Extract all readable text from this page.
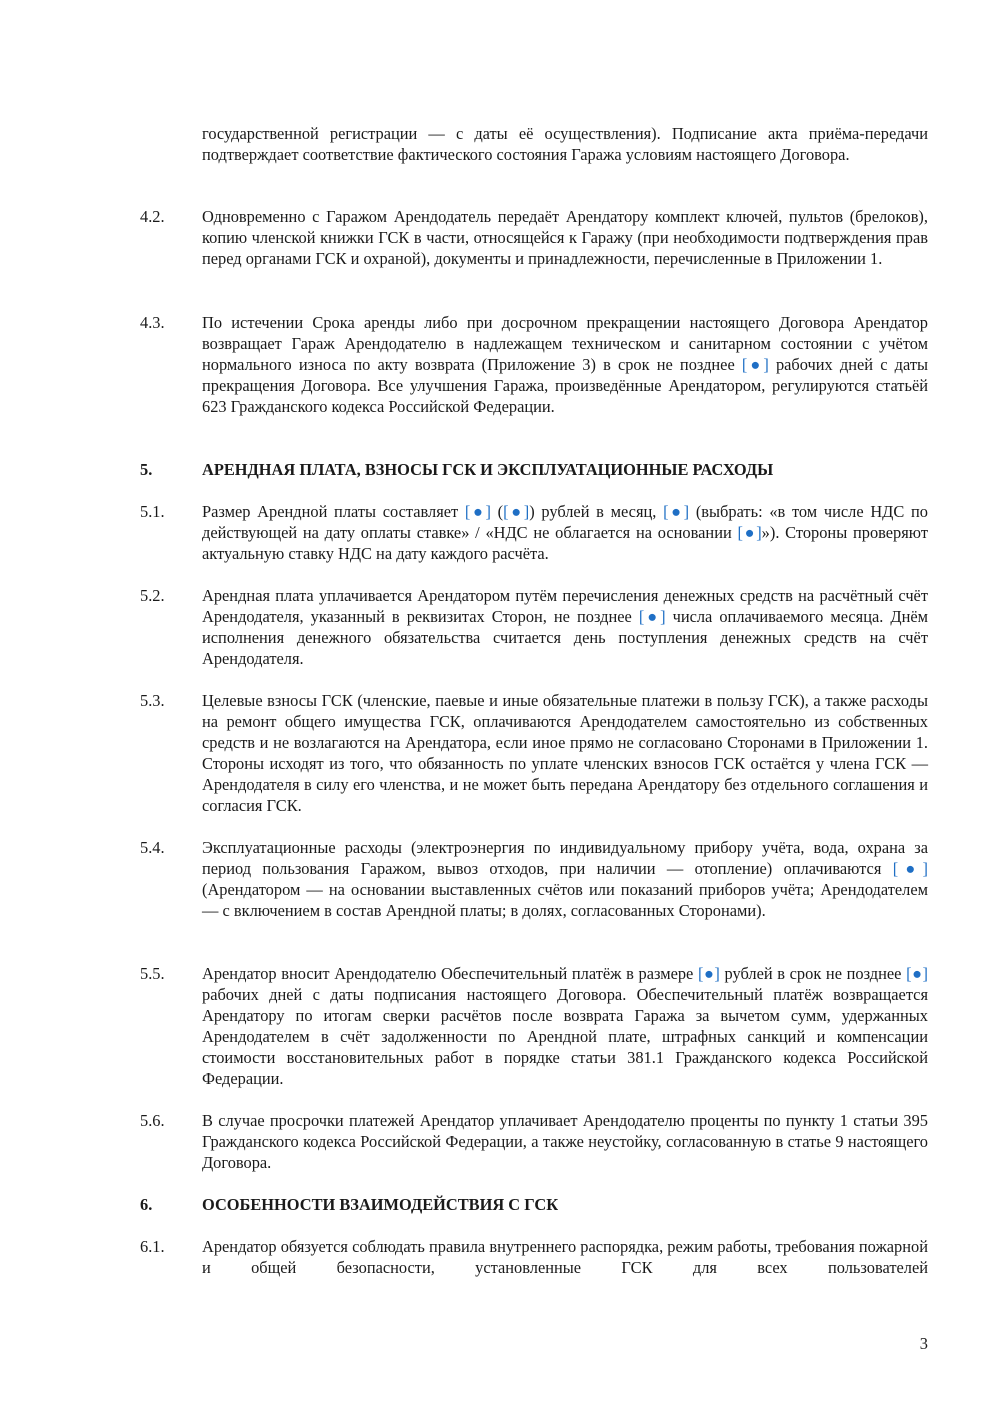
государственной регистрации — с даты её осуществления). Подписание акта приёма-передачи подтверждает соответствие фактического состояния Гаража условиям настоящего Договора.
4.2.	Одновременно с Гаражом Арендодатель передаёт Арендатору комплект ключей, пультов (брелоков), копию членской книжки ГСК в части, относящейся к Гаражу (при необходимости подтверждения прав перед органами ГСК и охраной), документы и принадлежности, перечисленные в Приложении 1.
4.3.	По истечении Срока аренды либо при досрочном прекращении настоящего Договора Арендатор возвращает Гараж Арендодателю в надлежащем техническом и санитарном состоянии с учётом нормального износа по акту возврата (Приложение 3) в срок не позднее [●] рабочих дней с даты прекращения Договора. Все улучшения Гаража, произведённые Арендатором, регулируются статьёй 623 Гражданского кодекса Российской Федерации.
5.	АРЕНДНАЯ ПЛАТА, ВЗНОСЫ ГСК И ЭКСПЛУАТАЦИОННЫЕ РАСХОДЫ
5.1.	Размер Арендной платы составляет [●] ([●]) рублей в месяц, [●] (выбрать: «в том числе НДС по действующей на дату оплаты ставке» / «НДС не облагается на основании [●]»). Стороны проверяют актуальную ставку НДС на дату каждого расчёта.
5.2.	Арендная плата уплачивается Арендатором путём перечисления денежных средств на расчётный счёт Арендодателя, указанный в реквизитах Сторон, не позднее [●] числа оплачиваемого месяца. Днём исполнения денежного обязательства считается день поступления денежных средств на счёт Арендодателя.
5.3.	Целевые взносы ГСК (членские, паевые и иные обязательные платежи в пользу ГСК), а также расходы на ремонт общего имущества ГСК, оплачиваются Арендодателем самостоятельно из собственных средств и не возлагаются на Арендатора, если иное прямо не согласовано Сторонами в Приложении 1. Стороны исходят из того, что обязанность по уплате членских взносов ГСК остаётся у члена ГСК — Арендодателя в силу его членства, и не может быть передана Арендатору без отдельного соглашения и согласия ГСК.
5.4.	Эксплуатационные расходы (электроэнергия по индивидуальному прибору учёта, вода, охрана за период пользования Гаражом, вывоз отходов, при наличии — отопление) оплачиваются [●] (Арендатором — на основании выставленных счётов или показаний приборов учёта; Арендодателем — с включением в состав Арендной платы; в долях, согласованных Сторонами).
5.5.	Арендатор вносит Арендодателю Обеспечительный платёж в размере [●] рублей в срок не позднее [●] рабочих дней с даты подписания настоящего Договора. Обеспечительный платёж возвращается Арендатору по итогам сверки расчётов после возврата Гаража за вычетом сумм, удержанных Арендодателем в счёт задолженности по Арендной плате, штрафных санкций и компенсации стоимости восстановительных работ в порядке статьи 381.1 Гражданского кодекса Российской Федерации.
5.6.	В случае просрочки платежей Арендатор уплачивает Арендодателю проценты по пункту 1 статьи 395 Гражданского кодекса Российской Федерации, а также неустойку, согласованную в статье 9 настоящего Договора.
6.	ОСОБЕННОСТИ ВЗАИМОДЕЙСТВИЯ С ГСК
6.1.	Арендатор обязуется соблюдать правила внутреннего распорядка, режим работы, требования пожарной и общей безопасности, установленные ГСК для всех пользователей
3
